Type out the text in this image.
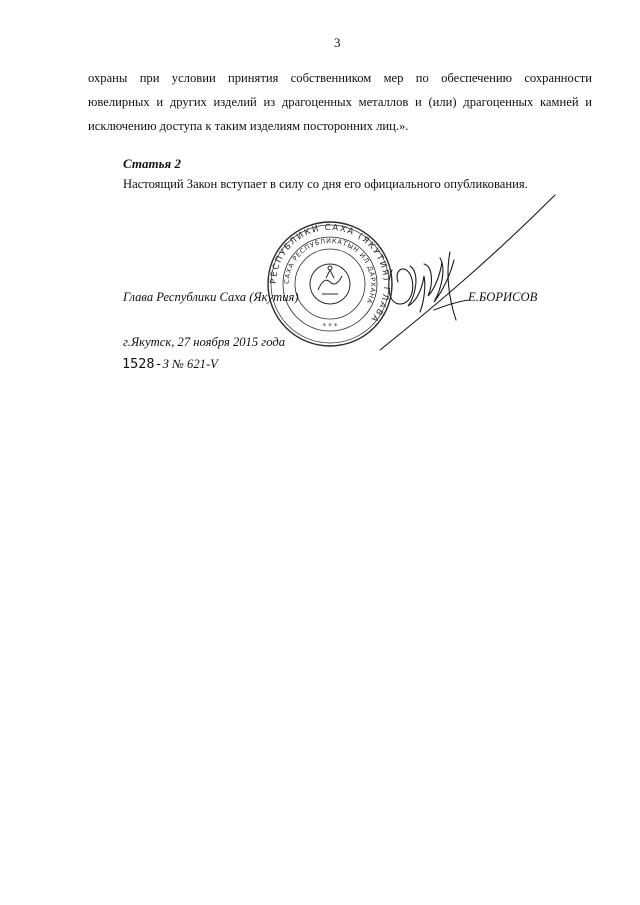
3
охраны при условии принятия собственником мер по обеспечению сохранности
ювелирных и других изделий из драгоценных металлов и (или) драгоценных камней и
исключению доступа к таким изделиям посторонних лиц.».
Статья 2
Настоящий Закон вступает в силу со дня его официального опубликования.
РЕСПУБЛИКИ САХА (ЯКУТИЯ) ГЛАВА
САХА РЕСПУБЛИКАТЫН ИЛ ДАРХАНА
* * *
Глава Республики Саха (Якутия)	Е.БОРИСОВ
г.Якутск, 27 ноября 2015 года
1528-З № 621-V
